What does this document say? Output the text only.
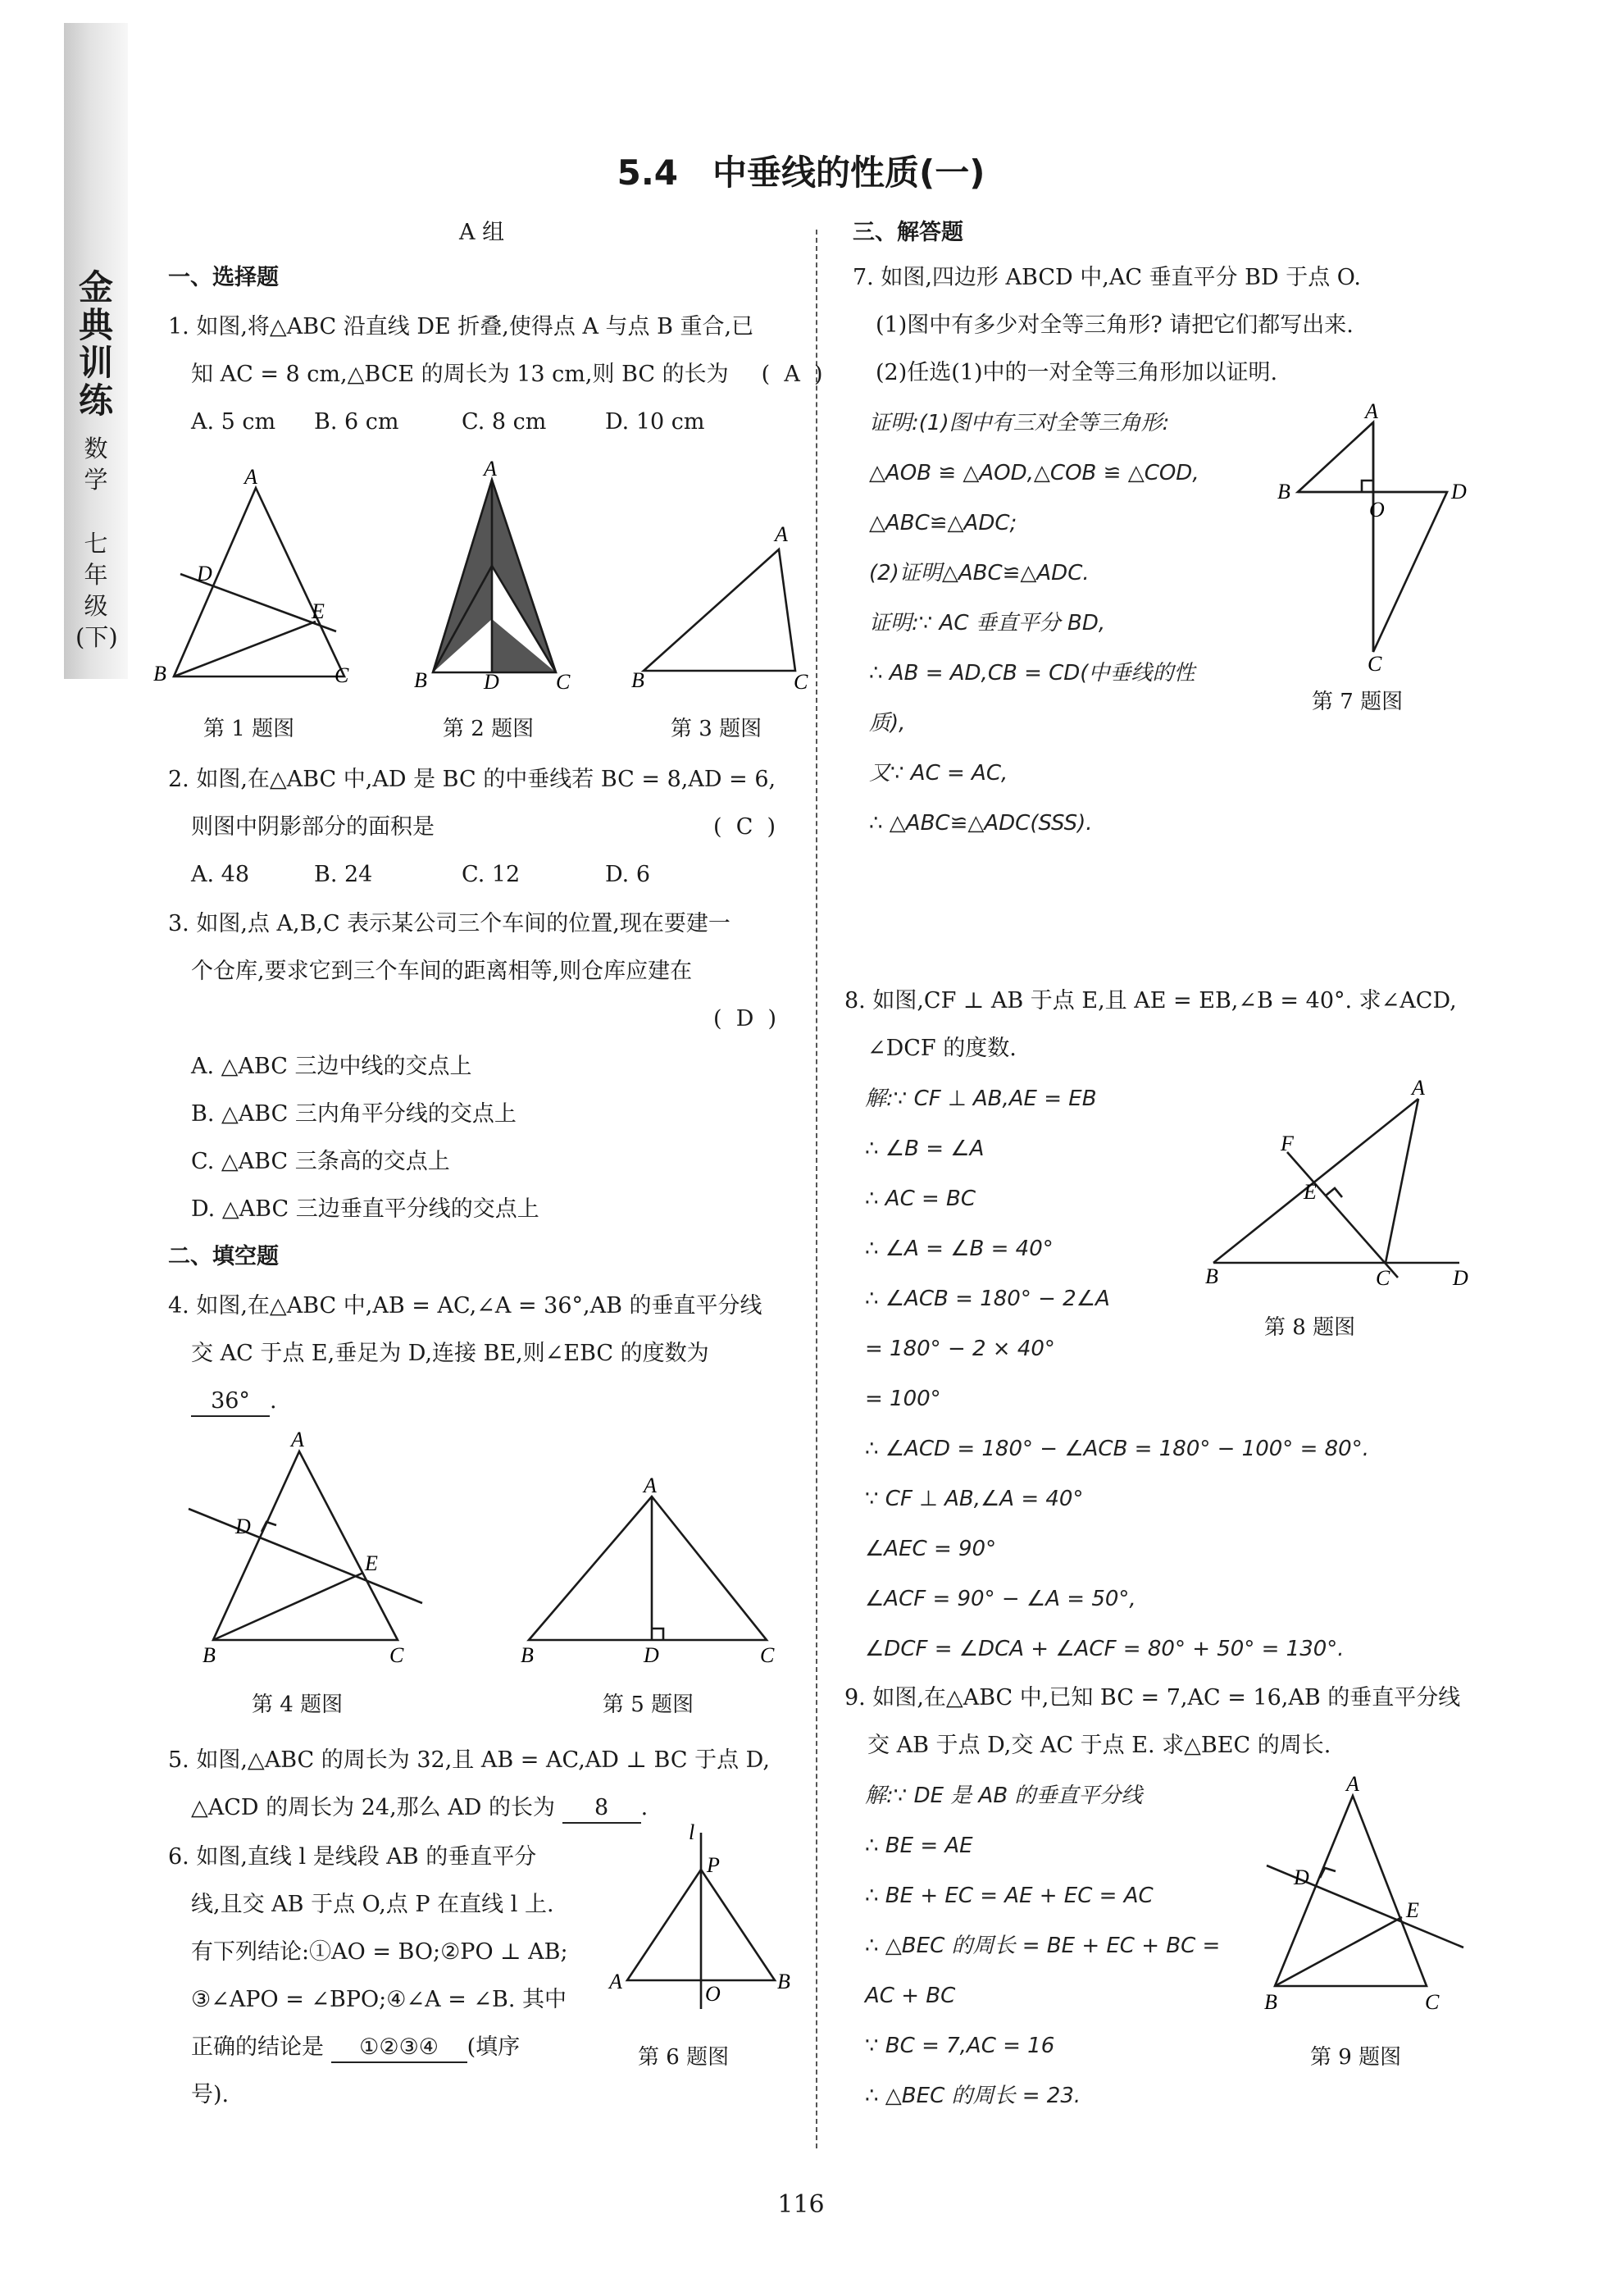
金典训练
数学
七年级(下)
5.4　中垂线的性质(一)
A 组
一、选择题
1. 如图,将△ABC 沿直线 DE 折叠,使得点 A 与点 B 重合,已
知 AC = 8 cm,△BCE 的周长为 13 cm,则 BC 的长为 (  A  )
A. 5 cm B. 6 cm	C. 8 cm	D. 10 cm
A
D
E
B	C
第 1 题图
A
B	D	C
第 2 题图
A
B	C
第 3 题图
2. 如图,在△ABC 中,AD 是 BC 的中垂线若 BC = 8,AD = 6,
则图中阴影部分的面积是	(  C  )
A. 48	B. 24	C. 12	D. 6
3. 如图,点 A,B,C 表示某公司三个车间的位置,现在要建一
个仓库,要求它到三个车间的距离相等,则仓库应建在
(  D  )
A. △ABC 三边中线的交点上
B. △ABC 三内角平分线的交点上
C. △ABC 三条高的交点上
D. △ABC 三边垂直平分线的交点上
二、填空题
4. 如图,在△ABC 中,AB = AC,∠A = 36°,AB 的垂直平分线
交 AC 于点 E,垂足为 D,连接 BE,则∠EBC 的度数为
36° .
A
D
E
B	C
第 4 题图
A
B	D	C
第 5 题图
5. 如图,△ABC 的周长为 32,且 AB = AC,AD ⊥ BC 于点 D,
△ACD 的周长为 24,那么 AD 的长为 8 .
6. 如图,直线 l 是线段 AB 的垂直平分
线,且交 AB 于点 O,点 P 在直线 l 上.
有下列结论:①AO = BO;②PO ⊥ AB;
③∠APO = ∠BPO;④∠A = ∠B. 其中
正确的结论是 ①②③④ (填序
号).
l
P
A
O
B
第 6 题图
三、解答题
7. 如图,四边形 ABCD 中,AC 垂直平分 BD 于点 O.
(1)图中有多少对全等三角形? 请把它们都写出来.
(2)任选(1)中的一对全等三角形加以证明.
证明:(1)图中有三对全等三角形:
△AOB ≌ △AOD,△COB ≌ △COD,
△ABC≌△ADC;
(2)证明△ABC≌△ADC.
证明:∵ AC 垂直平分 BD,
∴ AB = AD,CB = CD(中垂线的性
质),
又∵ AC = AC,
∴ △ABC≌△ADC(SSS).
A
B
O
D
C
第 7 题图
8. 如图,CF ⊥ AB 于点 E,且 AE = EB,∠B = 40°. 求∠ACD,
∠DCF 的度数.
解:∵ CF ⊥ AB,AE = EB
∴ ∠B = ∠A
∴ AC = BC
∴ ∠A = ∠B = 40°
∴ ∠ACB = 180° − 2∠A
= 180° − 2 × 40°
= 100°
∴ ∠ACD = 180° − ∠ACB = 180° − 100° = 80°.
∵ CF ⊥ AB,∠A = 40°
∠AEC = 90°
∠ACF = 90° − ∠A = 50°,
∠DCF = ∠DCA + ∠ACF = 80° + 50° = 130°.
A
F
E
B	C	D
第 8 题图
9. 如图,在△ABC 中,已知 BC = 7,AC = 16,AB 的垂直平分线
交 AB 于点 D,交 AC 于点 E. 求△BEC 的周长.
解:∵ DE 是 AB 的垂直平分线
∴ BE = AE
∴ BE + EC = AE + EC = AC
∴ △BEC 的周长 = BE + EC + BC =
AC + BC
∵ BC = 7,AC = 16
∴ △BEC 的周长 = 23.
A
D
E
B	C
第 9 题图
116
